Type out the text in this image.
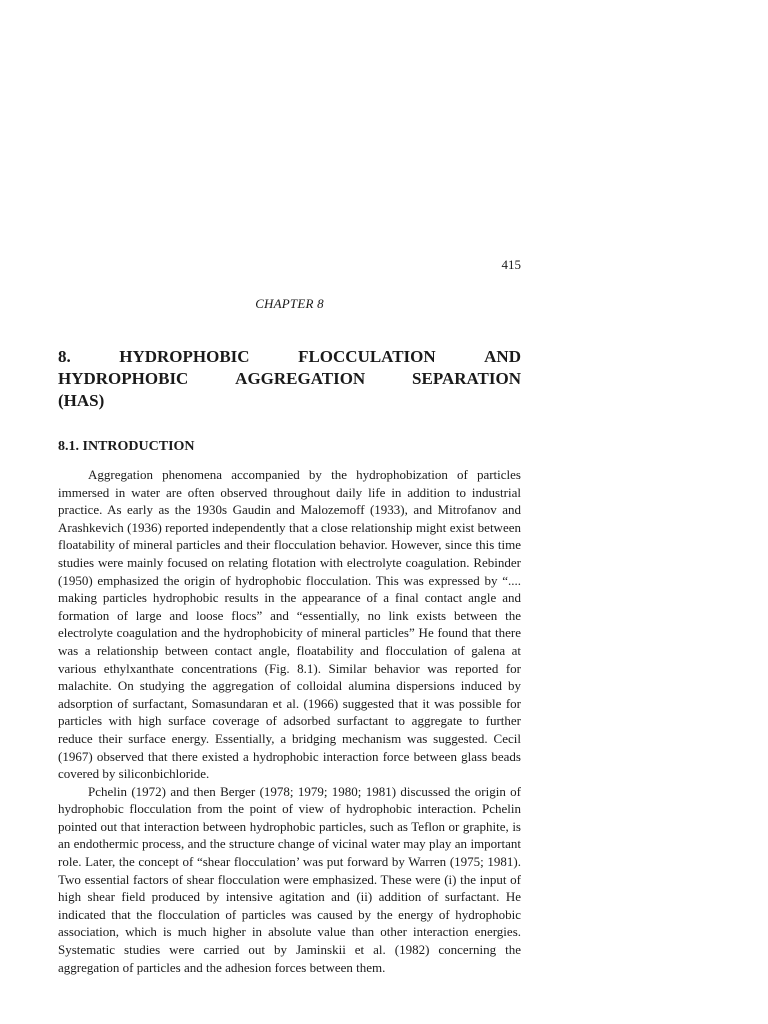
415
CHAPTER 8
8.	HYDROPHOBIC	FLOCCULATION	AND
HYDROPHOBIC	AGGREGATION	SEPARATION
(HAS)
8.1. INTRODUCTION

Aggregation phenomena accompanied by the hydrophobization of particles immersed in water are often observed throughout daily life in addition to industrial practice. As early as the 1930s Gaudin and Malozemoff (1933), and Mitrofanov and Arashkevich (1936) reported independently that a close relationship might exist between floatability of mineral particles and their flocculation behavior. However, since this time studies were mainly focused on relating flotation with electrolyte coagulation. Rebinder (1950) emphasized the origin of hydrophobic flocculation. This was expressed by “.... making particles hydrophobic results in the appearance of a final contact angle and formation of large and loose flocs” and “essentially, no link exists between the electrolyte coagulation and the hydrophobicity of mineral particles” He found that there was a relationship between contact angle, floatability and flocculation of galena at various ethylxanthate concentrations (Fig. 8.1). Similar behavior was reported for malachite. On studying the aggregation of colloidal alumina dispersions induced by adsorption of surfactant, Somasundaran et al. (1966) suggested that it was possible for particles with high surface coverage of adsorbed surfactant to aggregate to further reduce their surface energy. Essentially, a bridging mechanism was suggested. Cecil (1967) observed that there existed a hydrophobic interaction force between glass beads covered by siliconbichloride.

Pchelin (1972) and then Berger (1978; 1979; 1980; 1981) discussed the origin of hydrophobic flocculation from the point of view of hydrophobic interaction. Pchelin pointed out that interaction between hydrophobic particles, such as Teflon or graphite, is an endothermic process, and the structure change of vicinal water may play an important role. Later, the concept of “shear flocculation’ was put forward by Warren (1975; 1981). Two essential factors of shear flocculation were emphasized. These were (i) the input of high shear field produced by intensive agitation and (ii) addition of surfactant. He indicated that the flocculation of particles was caused by the energy of hydrophobic association, which is much higher in absolute value than other interaction energies. Systematic studies were carried out by Jaminskii et al. (1982) concerning the aggregation of particles and the adhesion forces between them.
